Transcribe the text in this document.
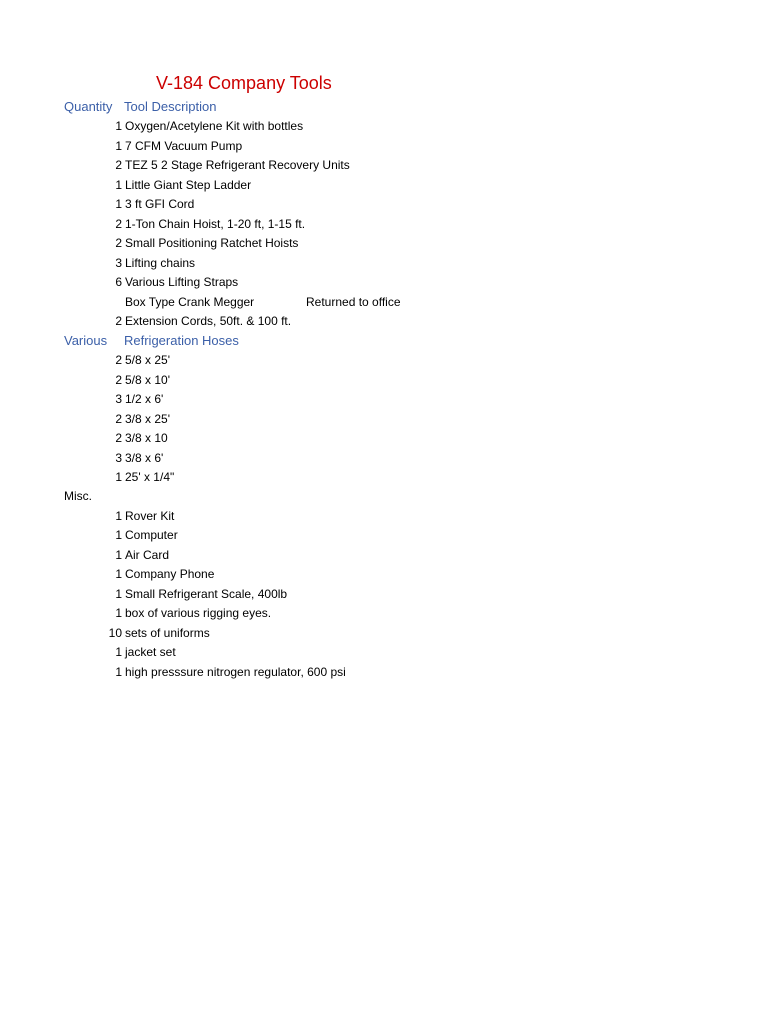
V-184 Company Tools
Quantity Tool Description
1 Oxygen/Acetylene Kit with bottles
1 7 CFM Vacuum Pump
2 TEZ 5 2 Stage Refrigerant Recovery Units
1 Little Giant Step Ladder
1 3 ft GFI Cord
2 1-Ton Chain Hoist, 1-20 ft, 1-15 ft.
2 Small Positioning Ratchet Hoists
3 Lifting chains
6 Various Lifting Straps
Box Type Crank Megger	Returned to office
2 Extension Cords, 50ft. & 100 ft.
Various Refrigeration Hoses
2 5/8 x 25'
2 5/8 x 10'
3 1/2 x 6'
2 3/8 x 25'
2 3/8 x 10
3 3/8 x 6'
1 25' x 1/4"
Misc.
1 Rover Kit
1 Computer
1 Air Card
1 Company Phone
1 Small Refrigerant Scale, 400lb
1 box of various rigging eyes.
10 sets of uniforms
1 jacket set
1 high presssure nitrogen regulator, 600 psi
